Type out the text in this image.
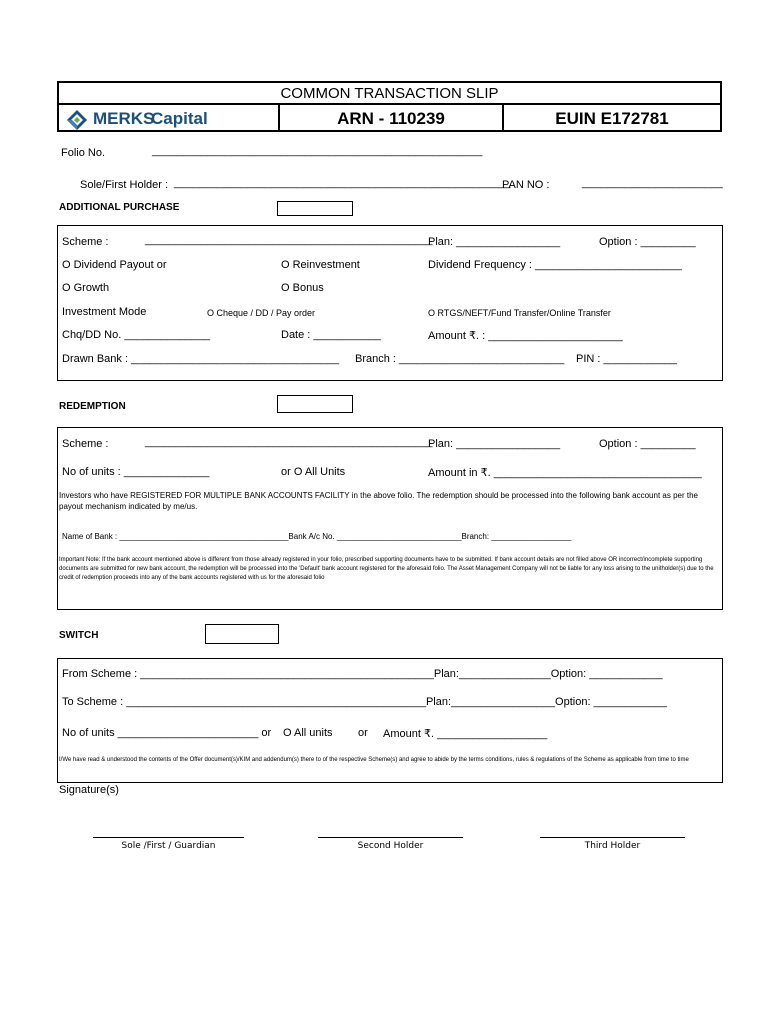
COMMON TRANSACTION SLIP
MERKS
Capital	ARN - 110239	EUIN E172781
Folio No.	______________________________________________________
Sole/First Holder : _______________________________________________________
PAN NO :	_______________________
ADDITIONAL PURCHASE
Scheme :	_______________________________________________
Plan: _________________	Option : _________
O Dividend Payout or	O Reinvestment	Dividend Frequency : ________________________
O Growth	O Bonus
Investment Mode	O Cheque / DD / Pay order	O RTGS/NEFT/Fund Transfer/Online Transfer
Chq/DD No. ______________	Date : ___________	Amount ₹. : ______________________
Drawn Bank : __________________________________ Branch : ___________________________ PIN : ____________
REDEMPTION
Scheme :	_______________________________________________
Plan: _________________	Option : _________
No of units : ______________	or O All Units	Amount in ₹. __________________________________
Investors who have REGISTERED FOR MULTIPLE BANK ACCOUNTS FACILITY in the above folio. The redemption should be processed into the following bank account as per the payout mechanism indicated by me/us.
Name of Bank : ______________________________________Bank A/c No. ____________________________Branch: __________________
Important Note: If the bank account mentioned above is different from those already registered in your folio, prescribed supporting documents have to be submitted. If bank account details are not filled above OR incorrect/incomplete supporting documents are submitted for new bank account, the redemption will be processed into the 'Default' bank account registered for the aforesaid folio. The Asset Management Company will not be liable for any loss arising to the unitholder(s) due to the credit of redemption proceeds into any of the bank accounts registered with us for the aforesaid folio
SWITCH
From Scheme : ________________________________________________Plan:_______________Option: ____________
To Scheme : _________________________________________________Plan:_________________Option: ____________
No of units _______________________ or O All units or Amount ₹. __________________
I/We have read & understood the contents of the Offer document(s)/KIM and addendum(s) there to of the respective Scheme(s) and agree to abide by the terms conditions, rules & regulations of the Scheme as applicable from time to time
Signature(s)
Sole /First / Guardian	Second Holder	Third Holder
